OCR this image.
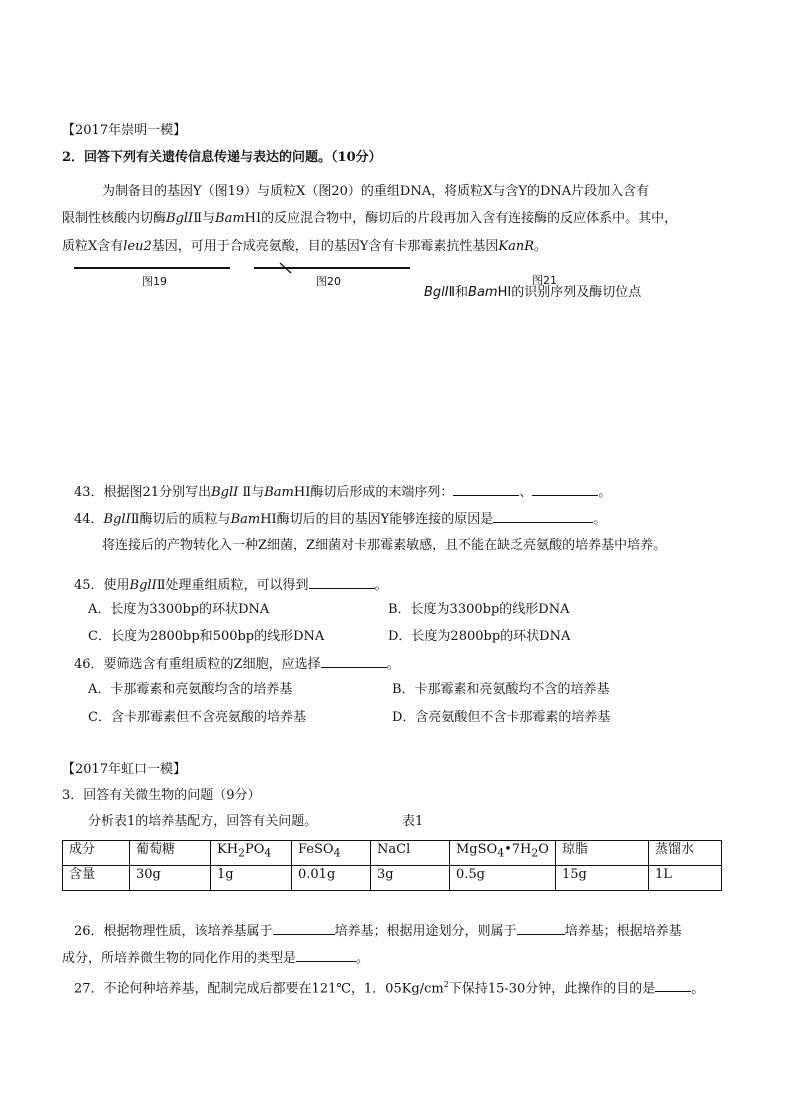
【2017年崇明一模】
2．回答下列有关遗传信息传递与表达的问题。（10分）
为制备目的基因Y（图19）与质粒X（图20）的重组DNA，将质粒X与含Y的DNA片段加入含有
限制性核酸内切酶BglIⅡ与BamHⅠ的反应混合物中，酶切后的片段再加入含有连接酶的反应体系中。其中，
质粒X含有leu2基因，可用于合成亮氨酸，目的基因Y含有卡那霉素抗性基因KanR。
图19	图20	图21
BglIⅡ和BamHⅠ的识别序列及酶切位点
43．根据图21分别写出BglI Ⅱ与BamHⅠ酶切后形成的末端序列：	、	。
44．BglIⅡ酶切后的质粒与BamHⅠ酶切后的目的基因Y能够连接的原因是	。
将连接后的产物转化入一种Z细菌，Z细菌对卡那霉素敏感，且不能在缺乏亮氨酸的培养基中培养。
45．使用BglIⅡ处理重组质粒，可以得到	。
A．长度为3300bp的环状DNA	B．长度为3300bp的线形DNA
C．长度为2800bp和500bp的线形DNA	D．长度为2800bp的环状DNA
46．要筛选含有重组质粒的Z细胞，应选择	。
A．卡那霉素和亮氨酸均含的培养基	B．卡那霉素和亮氨酸均不含的培养基
C．含卡那霉素但不含亮氨酸的培养基	D．含亮氨酸但不含卡那霉素的培养基
【2017年虹口一模】
3．回答有关微生物的问题（9分）
分析表1的培养基配方，回答有关问题。	表1
成分	葡萄糖	$KH_2PO_4$	FeSO$_4$	NaCl	$MgSO_4•7H_2O$	琼脂	蒸馏水
含量	30g	1g	0.01g	3g	0.5g	15g	1L
26．根据物理性质，该培养基属于	培养基；根据用途划分，则属于	培养基；根据培养基
成分，所培养微生物的同化作用的类型是	。
27．不论何种培养基，配制完成后都要在121℃，1．$05Kg/cm^2$下保持15-30分钟，此操作的目的是	。
